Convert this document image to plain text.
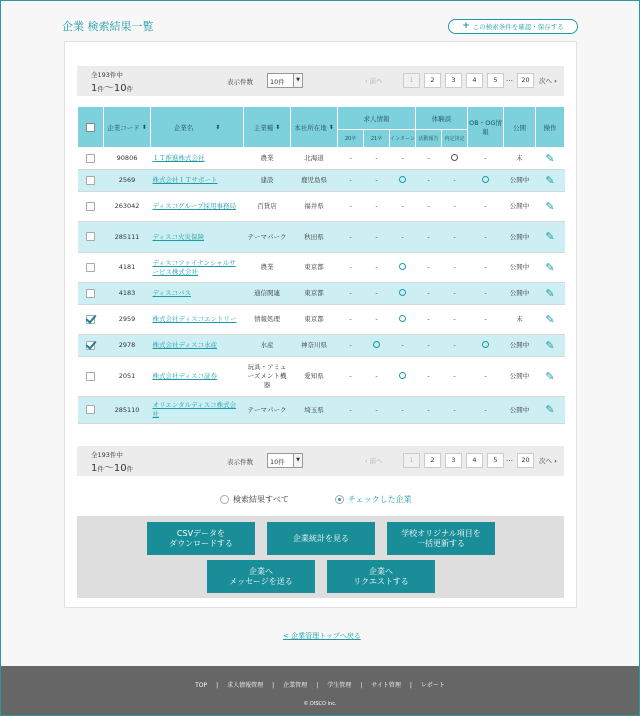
企業 検索結果一覧	+ この検索条件を確認・保存する
全193件中
1件～10件
表示件数	10件	▼	‹ 前へ	1	2	3	4	5	…	20	次へ ›
	企業コード ⬍	企業名 ⬍	主業種 ⬍	本社所在地 ⬍	求人情報			体験談		OB・OG情報	公開	操作
					20卒	21卒	インターン	活動報告	内定決定			
	90806	ＩＴ推進株式会社	農業	北海道	-	-	-	-		-	未	✎
	2569	株式会社ＩＴサポート	建設	鹿児島県	-	-		-	-		公開中	✎
	263042	ディスコグループ採用事務局	百貨店	福井県	-	-	-	-	-	-	公開中	✎
	285111	ディスコ火災保険	テーマパーク	秋田県	-	-	-	-	-	-	公開中	✎
	4181	ディスコファイナンシャルサービス株式会社	農業	東京都	-	-		-	-	-	公開中	✎
	4183	ディスコバス	通信関連	東京都	-	-		-	-	-	公開中	✎
	2959	株式会社ディスコエントリー	情報処理	東京都	-	-		-	-	-	未	✎
	2978	株式会社ディスコ水産	水産	神奈川県	-		-	-	-		公開中	✎
	2051	株式会社ディスコ証券	玩具・アミューズメント機器	愛知県	-	-		-	-	-	公開中	✎
	285110	オリエンタルディスコ株式会社	テーマパーク	埼玉県	-	-	-	-	-	-	公開中	✎
全193件中
1件～10件
表示件数	10件	▼	‹ 前へ	1	2	3	4	5	…	20	次へ ›
CSVデータを
ダウンロードする
企業統計を見る
学校オリジナル項目を
一括更新する
企業へ
メッセージを送る
企業へ
リクエストする
検索結果すべて	チェックした企業
< 企業管理トップへ戻る
TOP | 求人情報管理 | 企業管理 | 学生管理 | サイト管理 | レポート
© DISCO Inc.
